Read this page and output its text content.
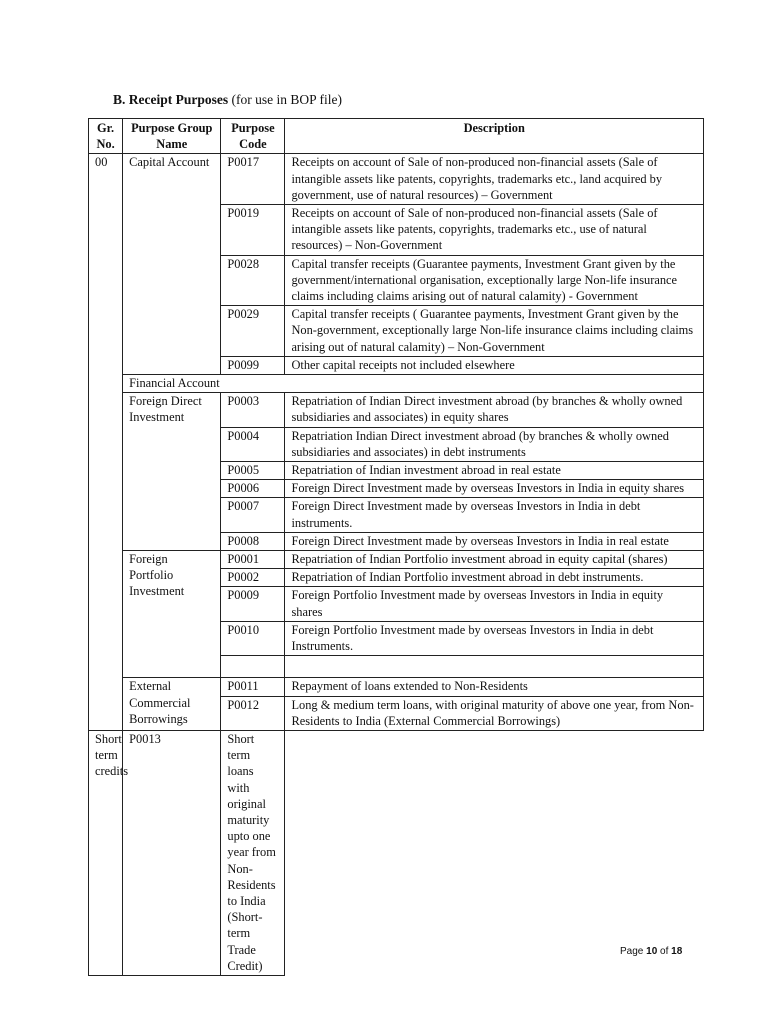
B. Receipt Purposes (for use in BOP file)
Gr. No.	Purpose Group Name	Purpose Code	Description
00	Capital Account	P0017	Receipts on account of Sale of non-produced non-financial assets (Sale of intangible assets like patents, copyrights, trademarks etc., land acquired by government, use of natural resources) – Government
		P0019	Receipts on account of Sale of non-produced non-financial assets (Sale of intangible assets like patents, copyrights, trademarks etc., use of natural resources) – Non-Government
		P0028	Capital transfer receipts (Guarantee payments, Investment Grant given by the government/international organisation, exceptionally large Non-life insurance claims including claims arising out of natural calamity) - Government
		P0029	Capital transfer receipts ( Guarantee payments, Investment Grant given by the Non-government, exceptionally large Non-life insurance claims including claims arising out of natural calamity) – Non-Government
		P0099	Other capital receipts not included elsewhere
	Financial Account		
	Foreign Direct Investment	P0003	Repatriation of Indian Direct investment abroad (by branches & wholly owned subsidiaries and associates) in equity shares
		P0004	Repatriation Indian Direct investment abroad (by branches & wholly owned subsidiaries and associates) in debt instruments
		P0005	Repatriation of Indian investment abroad in real estate
		P0006	Foreign Direct Investment made by overseas Investors in India in equity shares
		P0007	Foreign Direct Investment made by overseas Investors in India in debt instruments.
		P0008	Foreign Direct Investment made by overseas Investors in India in real estate
	Foreign Portfolio Investment	P0001	Repatriation of Indian Portfolio investment abroad in equity capital (shares)
		P0002	Repatriation of Indian Portfolio investment abroad in debt instruments.
		P0009	Foreign Portfolio Investment made by overseas Investors in India in equity shares
		P0010	Foreign Portfolio Investment made by overseas Investors in India in debt Instruments.

	External Commercial Borrowings	P0011	Repayment of loans extended to Non-Residents
		P0012	Long & medium term loans, with original maturity of above one year, from Non-Residents to India (External Commercial Borrowings)
Short term credits	P0013	Short term loans with original maturity upto one year from Non-Residents to India (Short-term Trade Credit)	
Page 10 of 18
